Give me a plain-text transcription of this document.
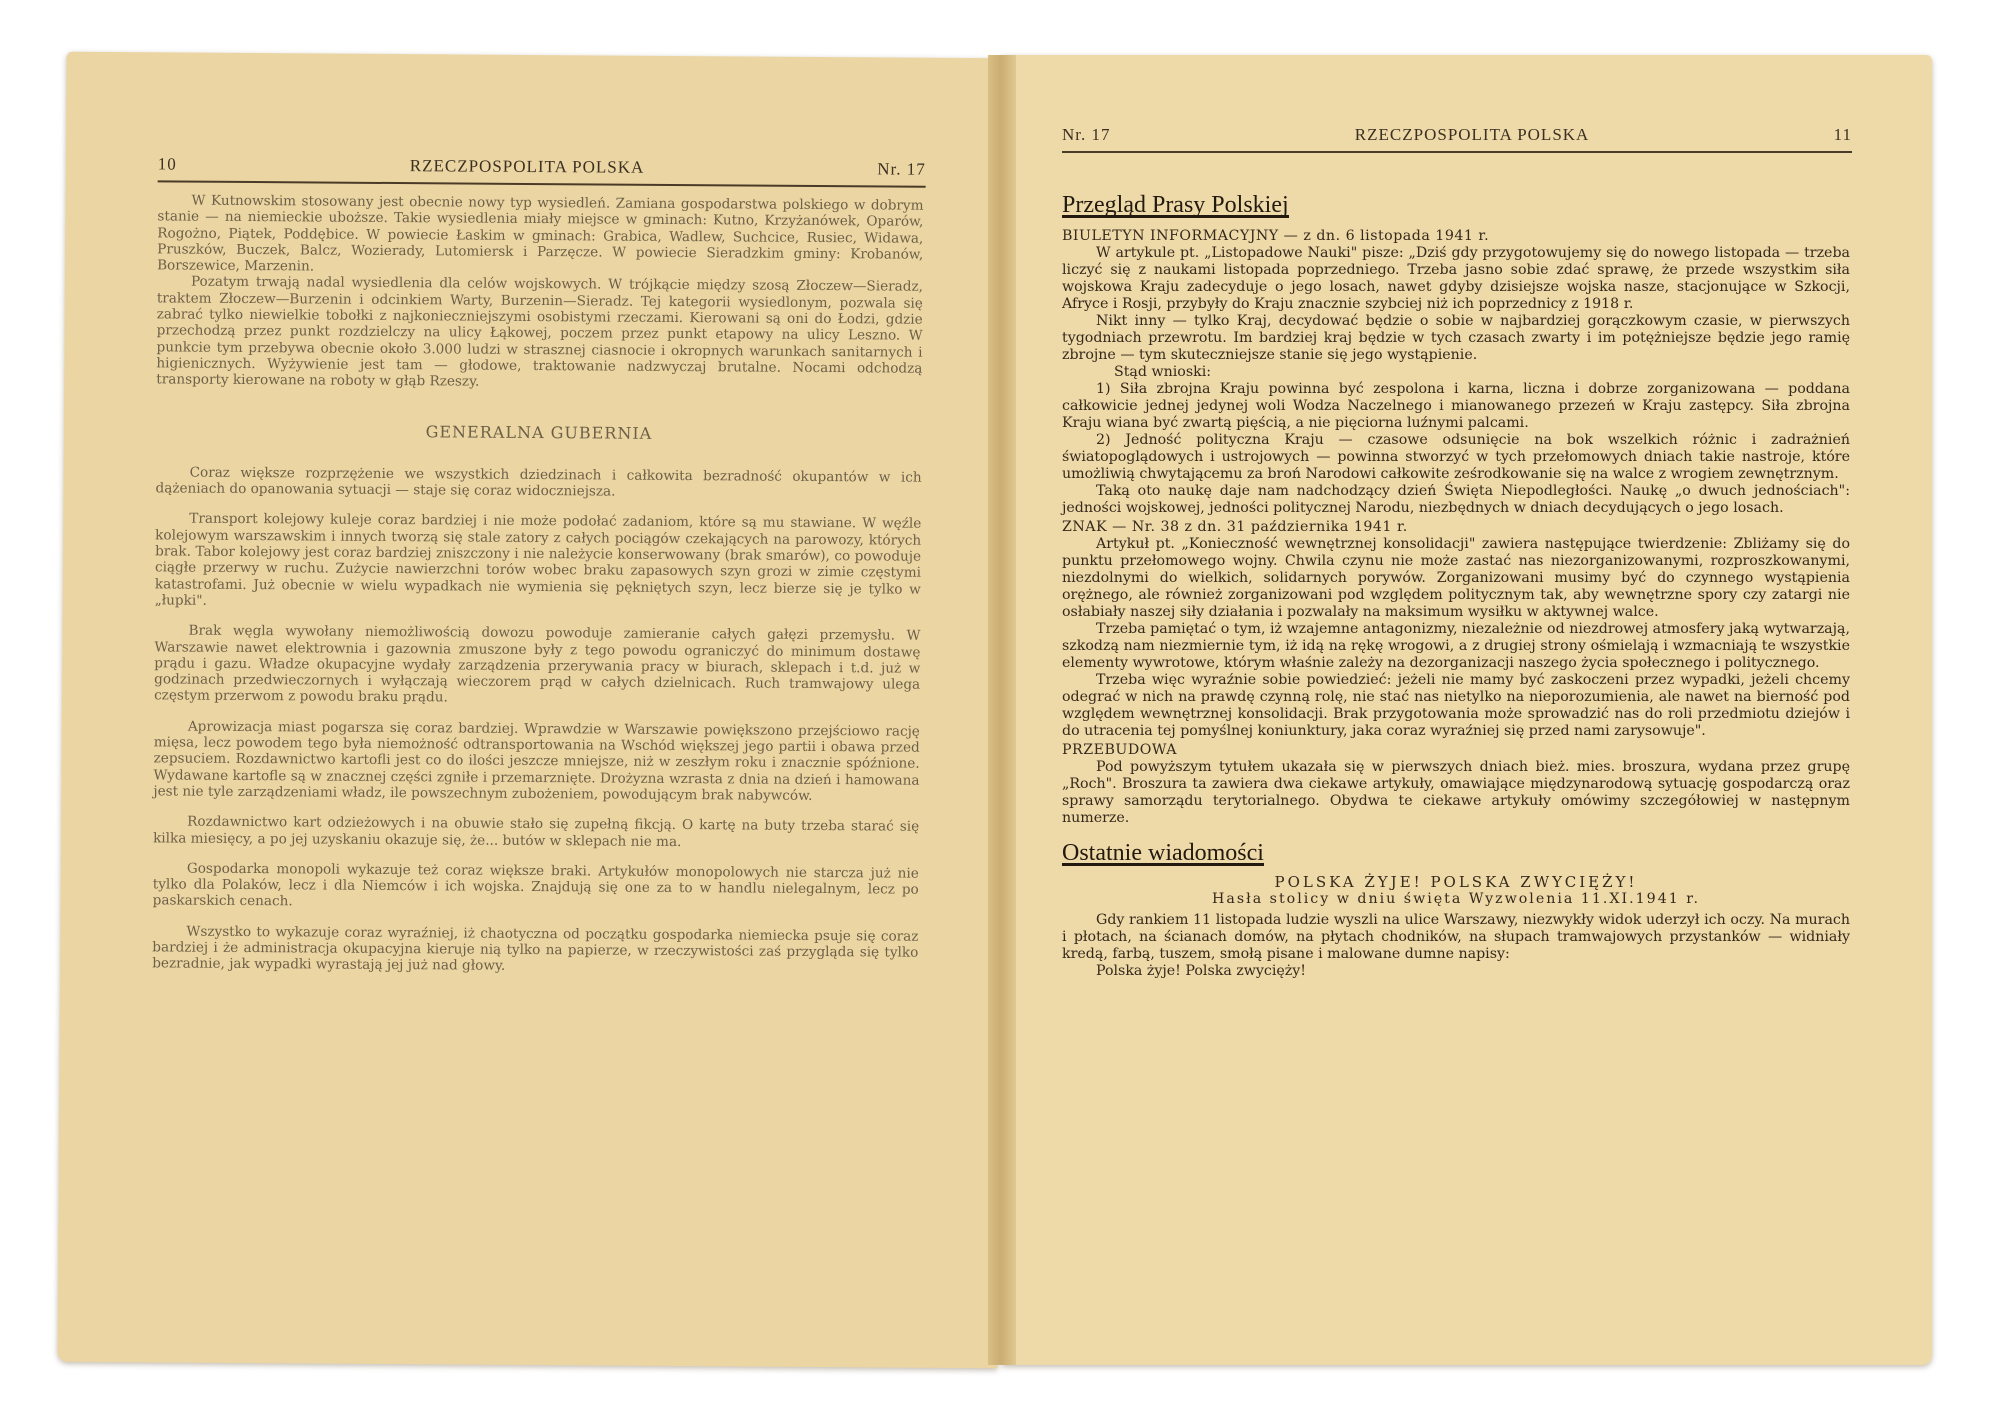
10	RZECZPOSPOLITA POLSKA	Nr. 17

W Kutnowskim stosowany jest obecnie nowy typ wysiedleń. Zamiana gospodarstwa polskiego w dobrym stanie — na niemieckie uboższe. Takie wysiedlenia miały miejsce w gminach: Kutno, Krzyżanówek, Oparów, Rogożno, Piątek, Poddębice. W powiecie Łaskim w gminach: Grabica, Wadlew, Suchcice, Rusiec, Widawa, Pruszków, Buczek, Balcz, Wozierady, Lutomiersk i Parzęcze. W powiecie Sieradzkim gminy: Krobanów, Borszewice, Marzenin.

Pozatym trwają nadal wysiedlenia dla celów wojskowych. W trójkącie między szosą Złoczew—Sieradz, traktem Złoczew—Burzenin i odcinkiem Warty, Burzenin—Sieradz. Tej kategorii wysiedlonym, pozwala się zabrać tylko niewielkie tobołki z najkonieczniejszymi osobistymi rzeczami. Kierowani są oni do Łodzi, gdzie przechodzą przez punkt rozdzielczy na ulicy Łąkowej, poczem przez punkt etapowy na ulicy Leszno. W punkcie tym przebywa obecnie około 3.000 ludzi w strasznej ciasnocie i okropnych warunkach sanitarnych i higienicznych. Wyżywienie jest tam — głodowe, traktowanie nadzwyczaj brutalne. Nocami odchodzą transporty kierowane na roboty w głąb Rzeszy.

GENERALNA GUBERNIA

Coraz większe rozprzężenie we wszystkich dziedzinach i całkowita bezradność okupantów w ich dążeniach do opanowania sytuacji — staje się coraz widoczniejsza.

Transport kolejowy kuleje coraz bardziej i nie może podołać zadaniom, które są mu stawiane. W węźle kolejowym warszawskim i innych tworzą się stale zatory z całych pociągów czekających na parowozy, których brak. Tabor kolejowy jest coraz bardziej zniszczony i nie należycie konserwowany (brak smarów), co powoduje ciągłe przerwy w ruchu. Zużycie nawierzchni torów wobec braku zapasowych szyn grozi w zimie częstymi katastrofami. Już obecnie w wielu wypadkach nie wymienia się pękniętych szyn, lecz bierze się je tylko w „łupki".

Brak węgla wywołany niemożliwością dowozu powoduje zamieranie całych gałęzi przemysłu. W Warszawie nawet elektrownia i gazownia zmuszone były z tego powodu ograniczyć do minimum dostawę prądu i gazu. Władze okupacyjne wydały zarządzenia przerywania pracy w biurach, sklepach i t.d. już w godzinach przedwieczornych i wyłączają wieczorem prąd w całych dzielnicach. Ruch tramwajowy ulega częstym przerwom z powodu braku prądu.

Aprowizacja miast pogarsza się coraz bardziej. Wprawdzie w Warszawie powiększono przejściowo rację mięsa, lecz powodem tego była niemożność odtransportowania na Wschód większej jego partii i obawa przed zepsuciem. Rozdawnictwo kartofli jest co do ilości jeszcze mniejsze, niż w zeszłym roku i znacznie spóźnione. Wydawane kartofle są w znacznej części zgniłe i przemarznięte. Drożyzna wzrasta z dnia na dzień i hamowana jest nie tyle zarządzeniami władz, ile powszechnym zubożeniem, powodującym brak nabywców.

Rozdawnictwo kart odzieżowych i na obuwie stało się zupełną fikcją. O kartę na buty trzeba starać się kilka miesięcy, a po jej uzyskaniu okazuje się, że... butów w sklepach nie ma.

Gospodarka monopoli wykazuje też coraz większe braki. Artykułów monopolowych nie starcza już nie tylko dla Polaków, lecz i dla Niemców i ich wojska. Znajdują się one za to w handlu nielegalnym, lecz po paskarskich cenach.

Wszystko to wykazuje coraz wyraźniej, iż chaotyczna od początku gospodarka niemiecka psuje się coraz bardziej i że administracja okupacyjna kieruje nią tylko na papierze, w rzeczywistości zaś przygląda się tylko bezradnie, jak wypadki wyrastają jej już nad głowy.

Nr. 17	RZECZPOSPOLITA POLSKA	11
Przegląd Prasy Polskiej

BIULETYN INFORMACYJNY — z dn. 6 listopada 1941 r.

W artykule pt. „Listopadowe Nauki" pisze: „Dziś gdy przygotowujemy się do nowego listopada — trzeba liczyć się z naukami listopada poprzedniego. Trzeba jasno sobie zdać sprawę, że przede wszystkim siła wojskowa Kraju zadecyduje o jego losach, nawet gdyby dzisiejsze wojska nasze, stacjonujące w Szkocji, Afryce i Rosji, przybyły do Kraju znacznie szybciej niż ich poprzednicy z 1918 r.

Nikt inny — tylko Kraj, decydować będzie o sobie w najbardziej gorączkowym czasie, w pierwszych tygodniach przewrotu. Im bardziej kraj będzie w tych czasach zwarty i im potężniejsze będzie jego ramię zbrojne — tym skuteczniejsze stanie się jego wystąpienie.

Stąd wnioski:

1) Siła zbrojna Kraju powinna być zespolona i karna, liczna i dobrze zorganizowana — poddana całkowicie jednej jedynej woli Wodza Naczelnego i mianowanego przezeń w Kraju zastępcy. Siła zbrojna Kraju wiana być zwartą pięścią, a nie pięciorna luźnymi palcami.

2) Jedność polityczna Kraju — czasowe odsunięcie na bok wszelkich różnic i zadrażnień światopoglądowych i ustrojowych — powinna stworzyć w tych przełomowych dniach takie nastroje, które umożliwią chwytającemu za broń Narodowi całkowite ześrodkowanie się na walce z wrogiem zewnętrznym.

Taką oto naukę daje nam nadchodzący dzień Święta Niepodległości. Naukę „o dwuch jednościach": jedności wojskowej, jedności politycznej Narodu, niezbędnych w dniach decydujących o jego losach.

ZNAK — Nr. 38 z dn. 31 października 1941 r.

Artykuł pt. „Konieczność wewnętrznej konsolidacji" zawiera następujące twierdzenie: Zbliżamy się do punktu przełomowego wojny. Chwila czynu nie może zastać nas niezorganizowanymi, rozproszkowanymi, niezdolnymi do wielkich, solidarnych porywów. Zorganizowani musimy być do czynnego wystąpienia orężnego, ale również zorganizowani pod względem politycznym tak, aby wewnętrzne spory czy zatargi nie osłabiały naszej siły działania i pozwalały na maksimum wysiłku w aktywnej walce.

Trzeba pamiętać o tym, iż wzajemne antagonizmy, niezależnie od niezdrowej atmosfery jaką wytwarzają, szkodzą nam niezmiernie tym, iż idą na rękę wrogowi, a z drugiej strony ośmielają i wzmacniają te wszystkie elementy wywrotowe, którym właśnie zależy na dezorganizacji naszego życia społecznego i politycznego.

Trzeba więc wyraźnie sobie powiedzieć: jeżeli nie mamy być zaskoczeni przez wypadki, jeżeli chcemy odegrać w nich na prawdę czynną rolę, nie stać nas nietylko na nieporozumienia, ale nawet na bierność pod względem wewnętrznej konsolidacji. Brak przygotowania może sprowadzić nas do roli przedmiotu dziejów i do utracenia tej pomyślnej koniunktury, jaka coraz wyraźniej się przed nami zarysowuje".

PRZEBUDOWA

Pod powyższym tytułem ukazała się w pierwszych dniach bież. mies. broszura, wydana przez grupę „Roch". Broszura ta zawiera dwa ciekawe artykuły, omawiające międzynarodową sytuację gospodarczą oraz sprawy samorządu terytorialnego. Obydwa te ciekawe artykuły omówimy szczegółowiej w następnym numerze.

Ostatnie wiadomości

POLSKA ŻYJE! POLSKA ZWYCIĘŻY!

Hasła stolicy w dniu święta Wyzwolenia 11.XI.1941 r.

Gdy rankiem 11 listopada ludzie wyszli na ulice Warszawy, niezwykły widok uderzył ich oczy. Na murach i płotach, na ścianach domów, na płytach chodników, na słupach tramwajowych przystanków — widniały kredą, farbą, tuszem, smołą pisane i malowane dumne napisy:

Polska żyje! Polska zwycięży!
